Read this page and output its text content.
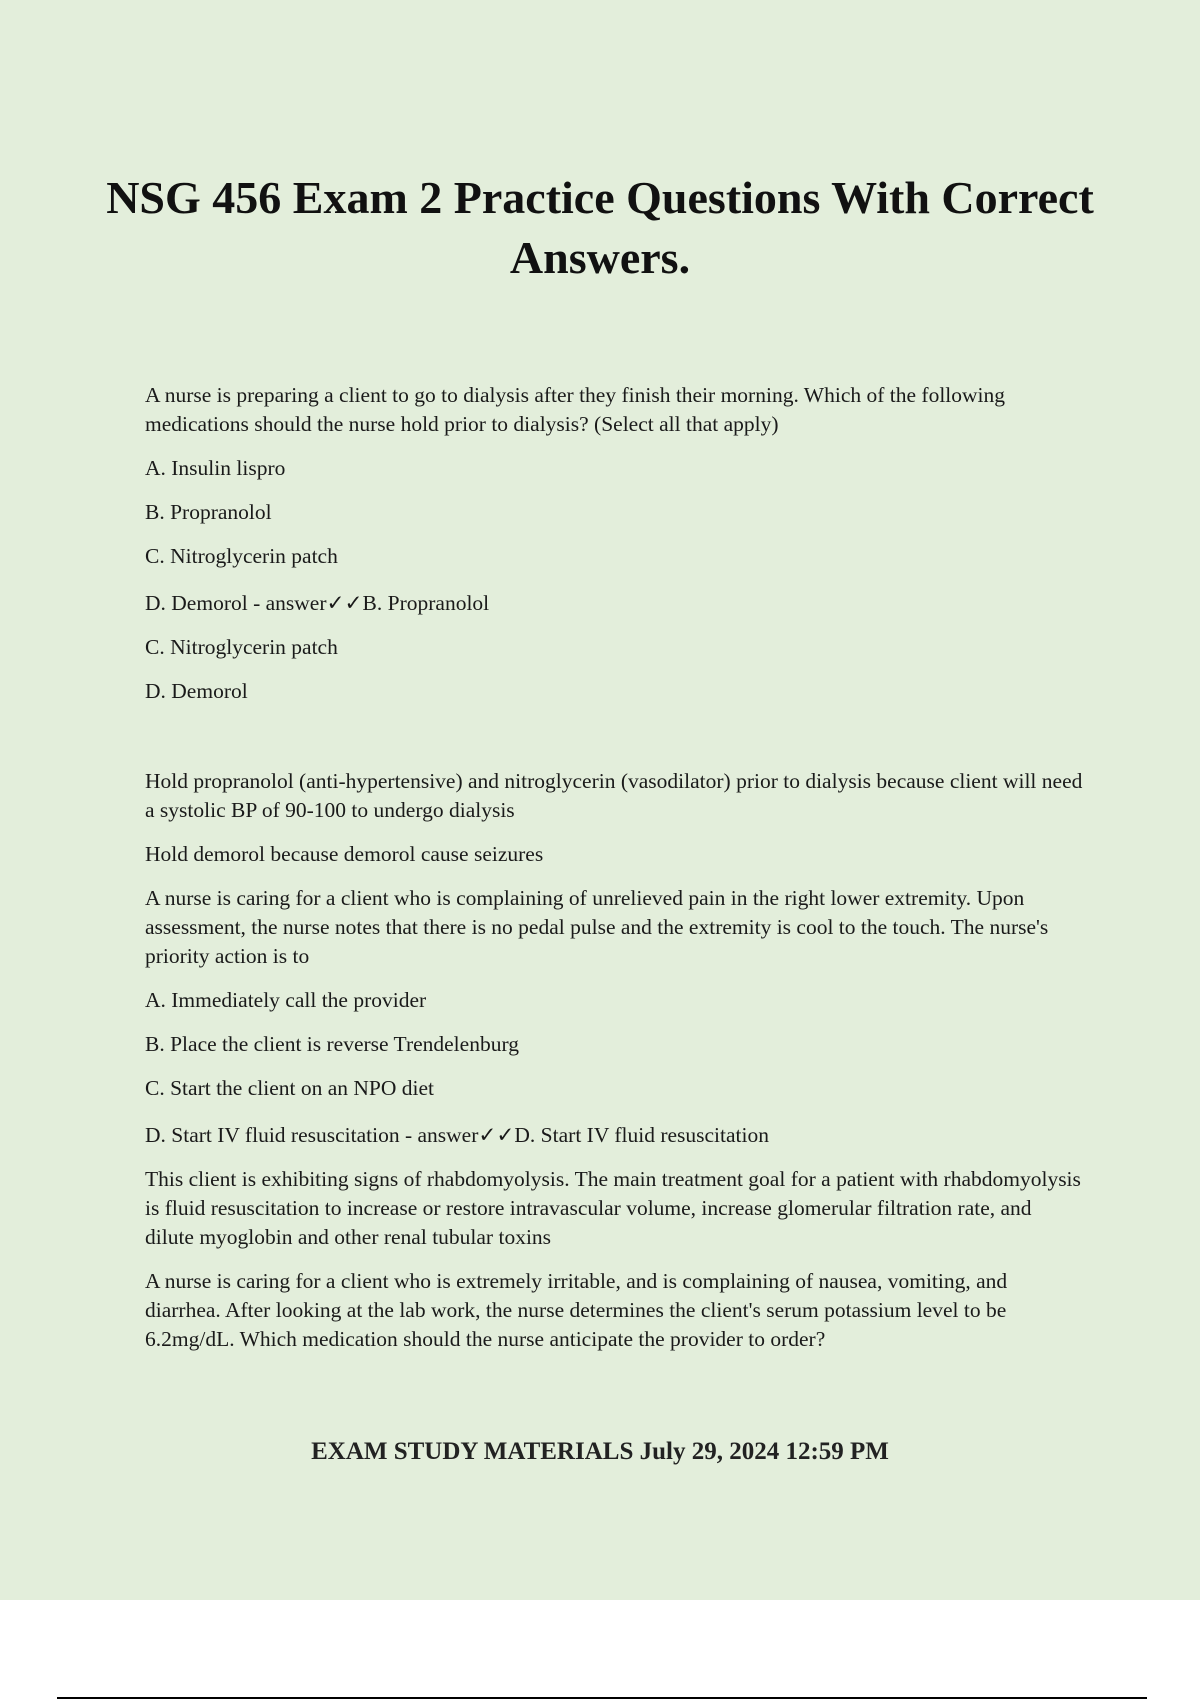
NSG 456 Exam 2 Practice Questions With Correct Answers.

A nurse is preparing a client to go to dialysis after they finish their morning. Which of the following medications should the nurse hold prior to dialysis? (Select all that apply)

A. Insulin lispro

B. Propranolol

C. Nitroglycerin patch

D. Demorol - answer✓✓B. Propranolol

C. Nitroglycerin patch

D. Demorol

Hold propranolol (anti-hypertensive) and nitroglycerin (vasodilator) prior to dialysis because client will need a systolic BP of 90-100 to undergo dialysis

Hold demorol because demorol cause seizures

A nurse is caring for a client who is complaining of unrelieved pain in the right lower extremity. Upon assessment, the nurse notes that there is no pedal pulse and the extremity is cool to the touch. The nurse's priority action is to

A. Immediately call the provider

B. Place the client is reverse Trendelenburg

C. Start the client on an NPO diet

D. Start IV fluid resuscitation - answer✓✓D. Start IV fluid resuscitation

This client is exhibiting signs of rhabdomyolysis. The main treatment goal for a patient with rhabdomyolysis is fluid resuscitation to increase or restore intravascular volume, increase glomerular filtration rate, and dilute myoglobin and other renal tubular toxins

A nurse is caring for a client who is extremely irritable, and is complaining of nausea, vomiting, and diarrhea. After looking at the lab work, the nurse determines the client's serum potassium level to be 6.2mg/dL. Which medication should the nurse anticipate the provider to order?

EXAM STUDY MATERIALS July 29, 2024 12:59 PM
